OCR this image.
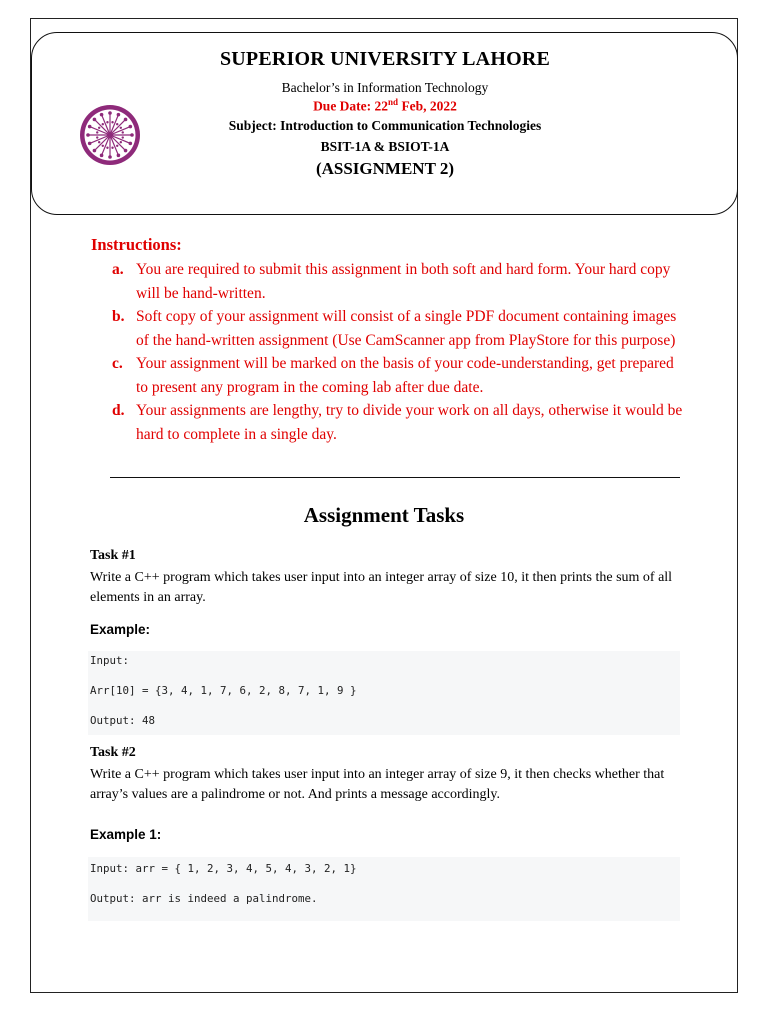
SUPERIOR UNIVERSITY LAHORE
Bachelor’s in Information Technology
Due Date: 22nd Feb, 2022
Subject: Introduction to Communication Technologies
BSIT-1A & BSIOT-1A
(ASSIGNMENT 2)
Instructions:
a. You are required to submit this assignment in both soft and hard form. Your hard copy will be hand-written.
b. Soft copy of your assignment will consist of a single PDF document containing images of the hand-written assignment (Use CamScanner app from PlayStore for this purpose)
c. Your assignment will be marked on the basis of your code-understanding, get prepared to present any program in the coming lab after due date.
d. Your assignments are lengthy, try to divide your work on all days, otherwise it would be hard to complete in a single day.
Assignment Tasks
Task #1
Write a C++ program which takes user input into an integer array of size 10, it then prints the sum of all elements in an array.
Example:
Input:
Arr[10] = {3, 4, 1, 7, 6, 2, 8, 7, 1, 9 }
Output: 48
Task #2
Write a C++ program which takes user input into an integer array of size 9, it then checks whether that array’s values are a palindrome or not. And prints a message accordingly.
Example 1:
Input: arr = { 1, 2, 3, 4, 5, 4, 3, 2, 1}
Output: arr is indeed a palindrome.
